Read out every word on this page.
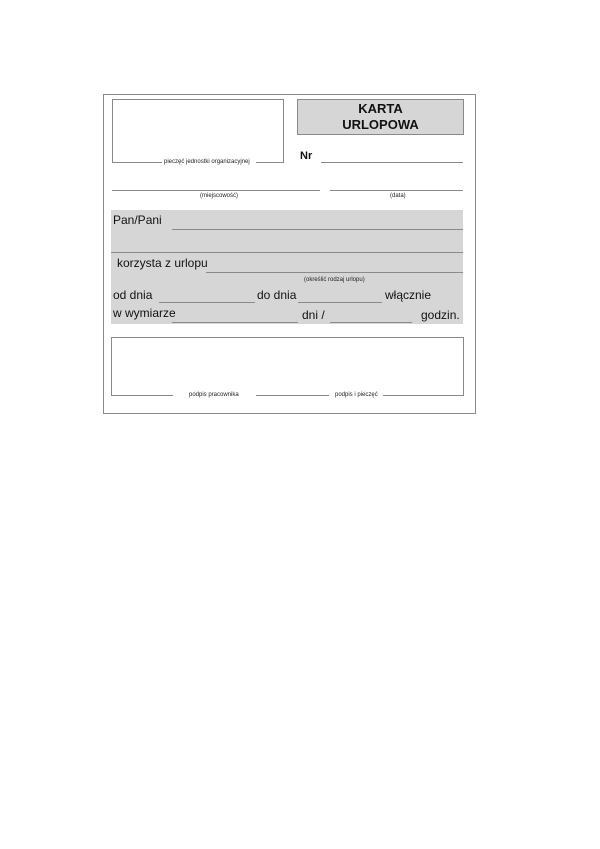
pieczęć jednostki organizacyjnej
KARTA
URLOPOWA
Nr
(miejscowość)	(data)
Pan/Pani
korzysta z urlopu
(określić rodzaj urlopu)
od dnia	do dnia	włącznie
w wymiarze	dni /	godzin.
podpis pracownika	podpis i pieczęć
